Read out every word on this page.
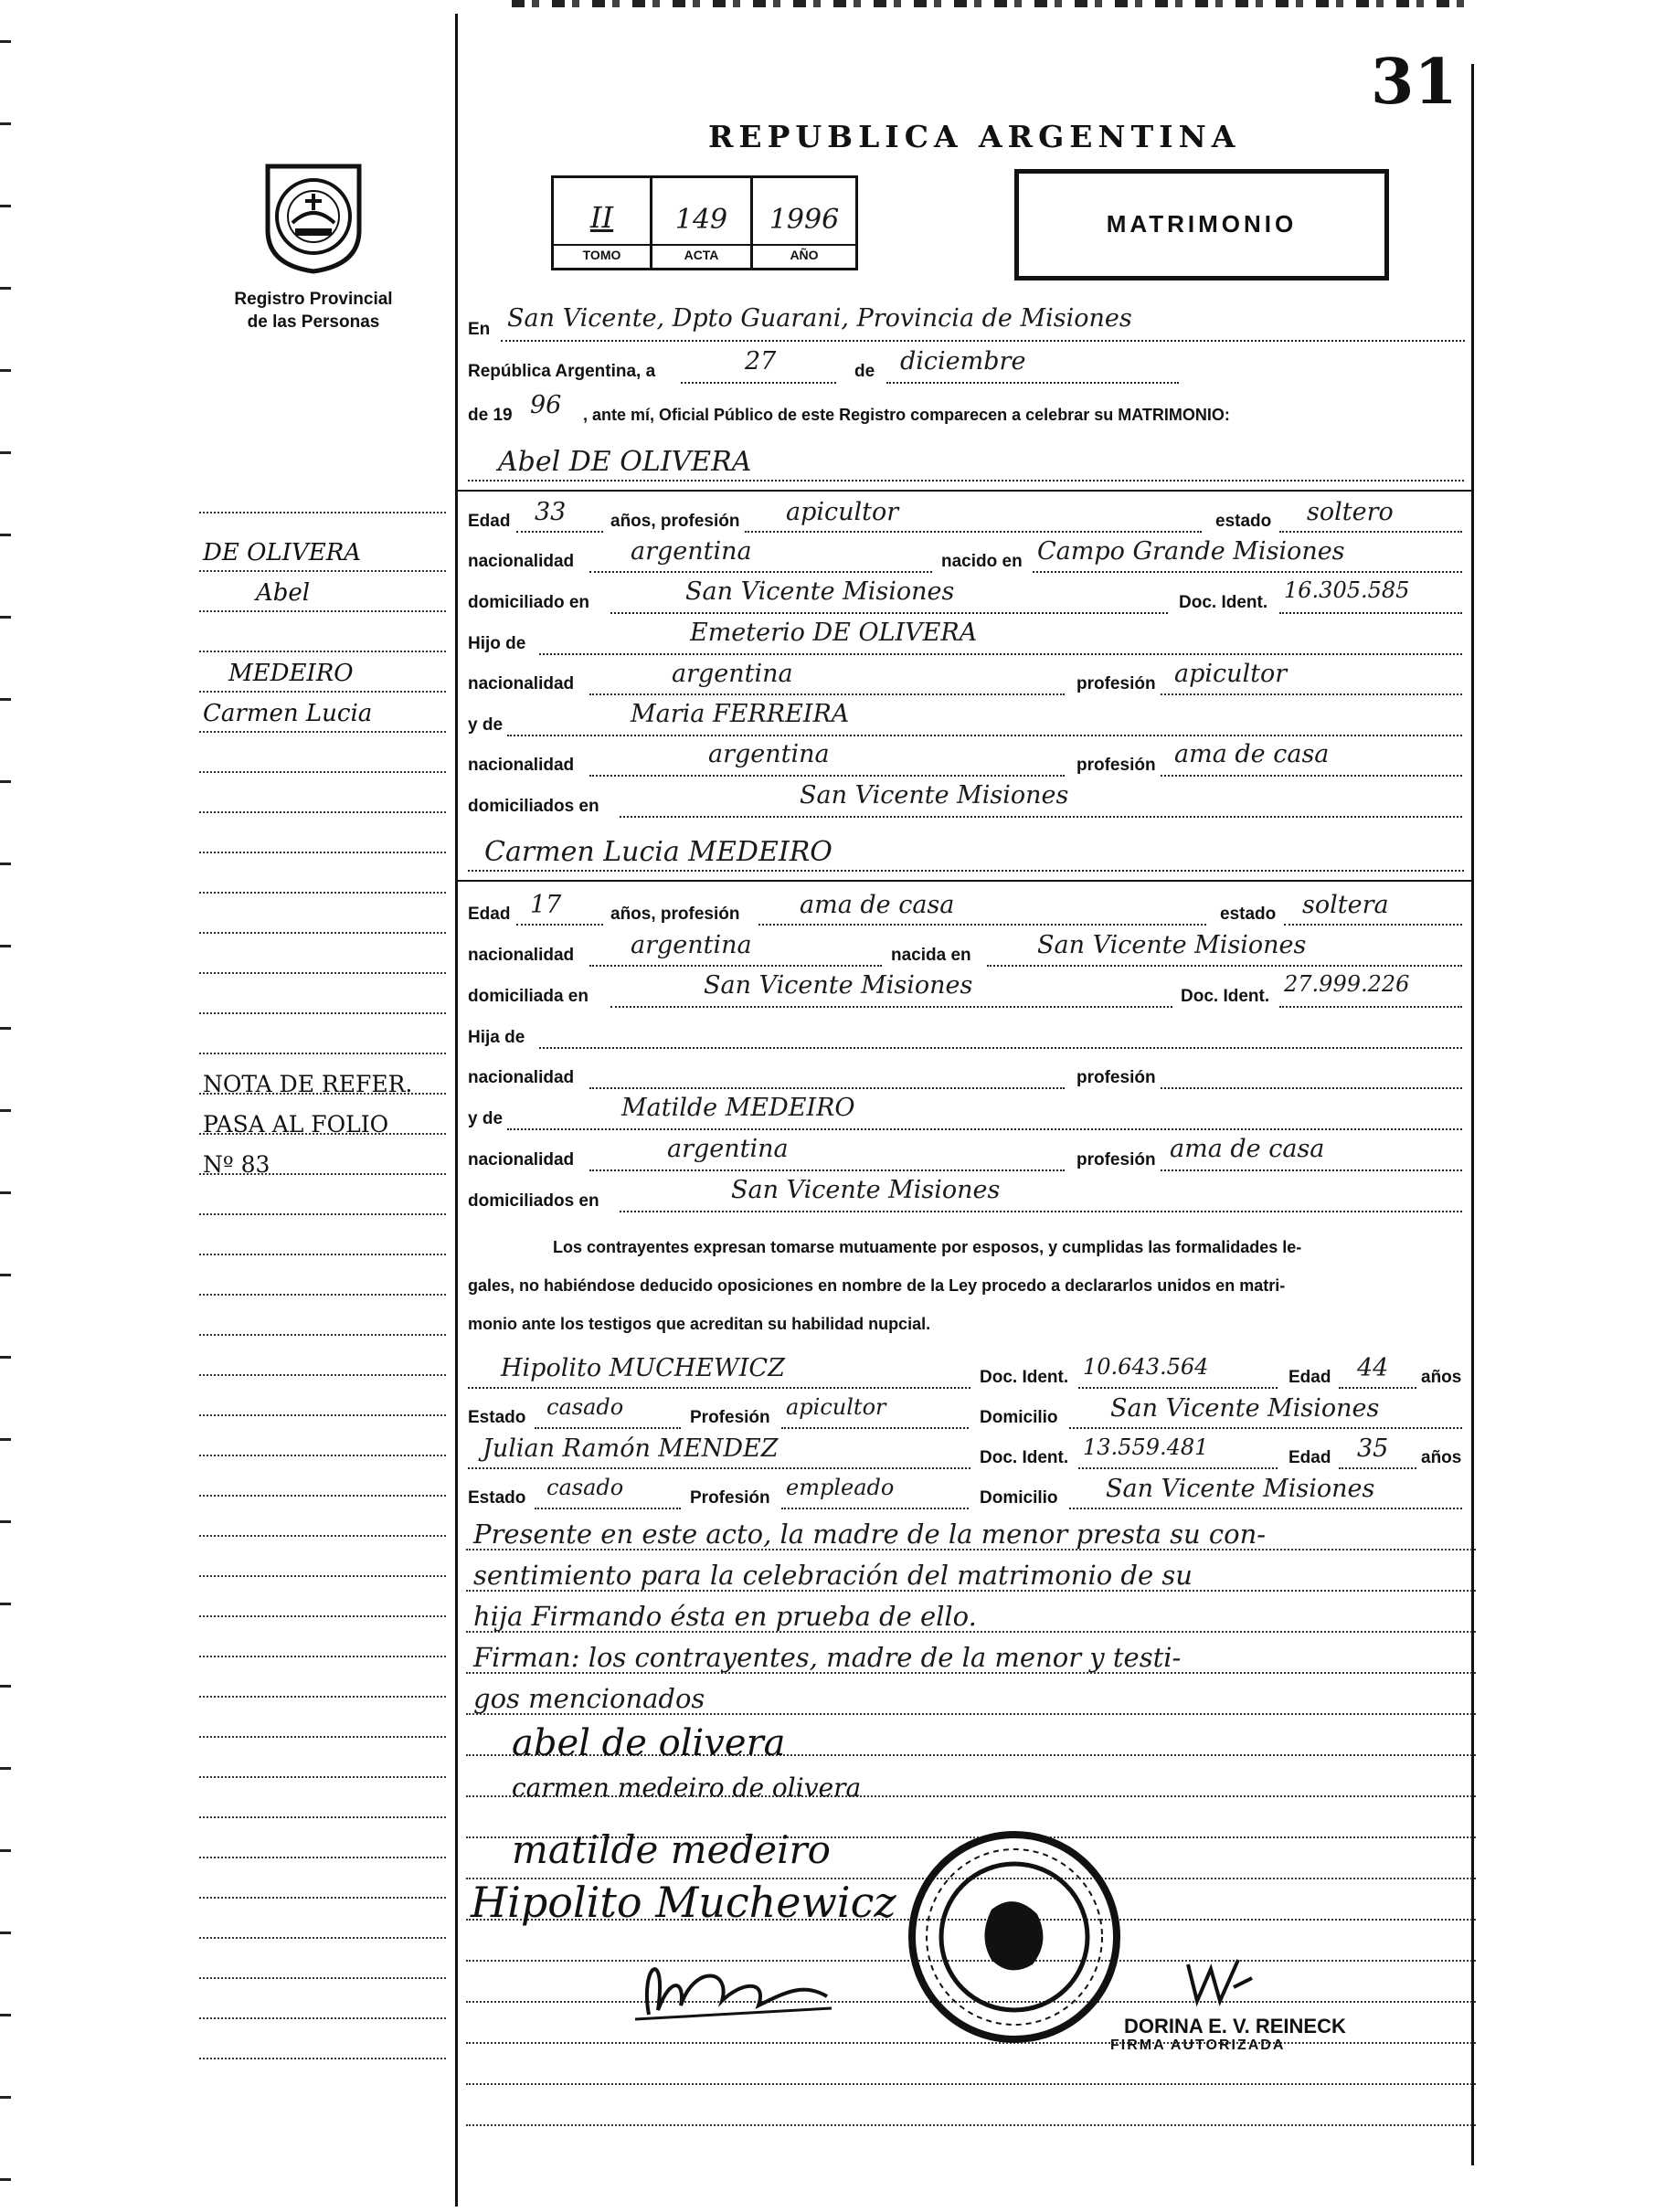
31
REPUBLICA ARGENTINA
Registro Provincial
de las Personas
II	149	1996
TOMO	ACTA	AÑO
MATRIMONIO
En San Vicente, Dpto Guarani, Provincia de Misiones
República Argentina, a	27	de diciembre
de 19 96 , ante mí, Oficial Público de este Registro comparecen a celebrar su MATRIMONIO:
Abel DE OLIVERA
Edad 33	años, profesión apicultor	estado soltero
nacionalidad argentina	nacido en Campo Grande Misiones
domiciliado en	San Vicente Misiones	Doc. Ident. 16.305.585
Hijo de	Emeterio DE OLIVERA
nacionalidad	argentina	profesión apicultor
y de	Maria FERREIRA
nacionalidad	argentina	profesión ama de casa
domiciliados en	San Vicente Misiones
Carmen Lucia MEDEIRO
Edad 17	años, profesión ama de casa	estado soltera
nacionalidad argentina	nacida en	San Vicente Misiones
domiciliada en	San Vicente Misiones	Doc. Ident. 27.999.226
Hija de
nacionalidad	profesión
y de	Matilde MEDEIRO
nacionalidad	argentina	profesión ama de casa
domiciliados en	San Vicente Misiones
Los contrayentes expresan tomarse mutuamente por esposos, y cumplidas las formalidades le-
gales, no habiéndose deducido oposiciones en nombre de la Ley procedo a declararlos unidos en matri-
monio ante los testigos que acreditan su habilidad nupcial.
Hipolito MUCHEWICZ	Doc. Ident. 10.643.564	Edad 44 años
Estado casado	Profesión apicultor	Domicilio San Vicente Misiones
Julian Ramón MENDEZ	Doc. Ident. 13.559.481	Edad 35 años
Estado casado	Profesión empleado	Domicilio San Vicente Misiones
Presente en este acto, la madre de la menor presta su con-
sentimiento para la celebración del matrimonio de su
hija Firmando ésta en prueba de ello.
Firman: los contrayentes, madre de la menor y testi-
gos mencionados
abel de olivera
carmen medeiro de olivera
matilde medeiro
Hipolito Muchewicz
DORINA E. V. REINECK
FIRMA AUTORIZADA
DE OLIVERA
Abel
MEDEIRO
Carmen Lucia
NOTA DE REFER.
PASA AL FOLIO
Nº 83
